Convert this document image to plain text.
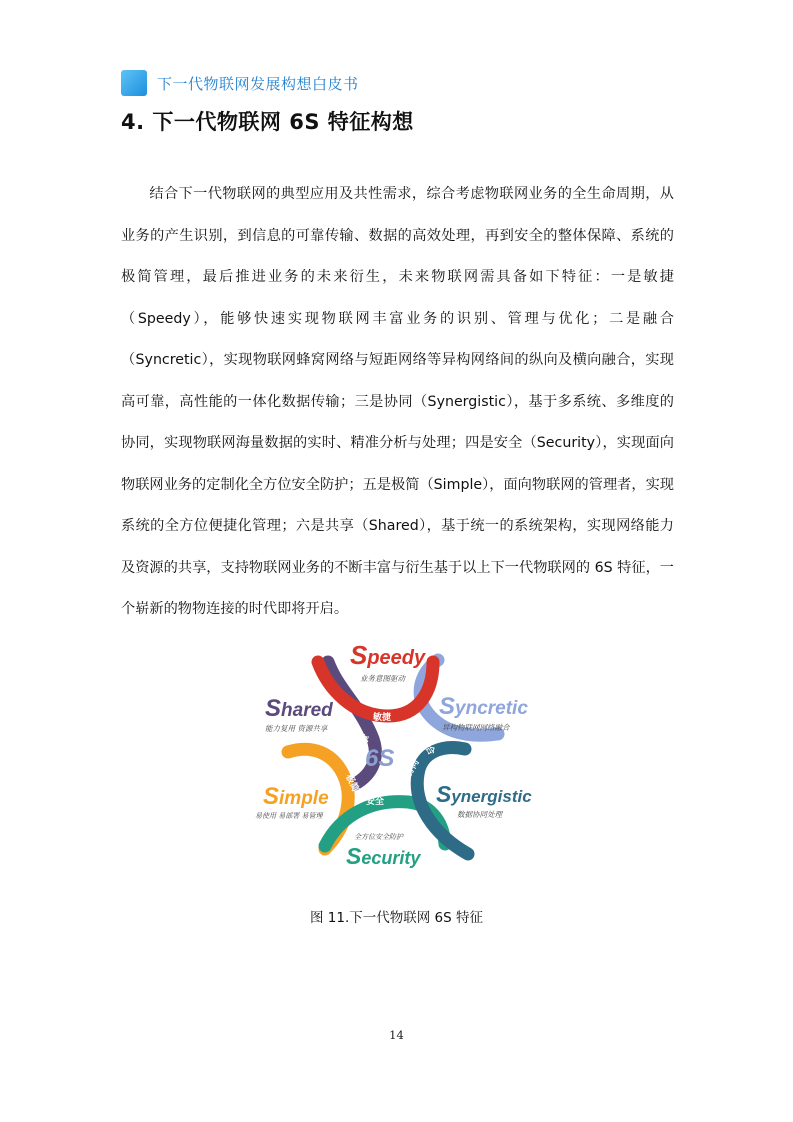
下一代物联网发展构想白皮书
4. 下一代物联网 6S 特征构想

结合下一代物联网的典型应用及共性需求，综合考虑物联网业务的全生命周期，从业务的产生识别，到信息的可靠传输、数据的高效处理，再到安全的整体保障、系统的极简管理，最后推进业务的未来衍生，未来物联网需具备如下特征：一是敏捷（Speedy），能够快速实现物联网丰富业务的识别、管理与优化；二是融合（Syncretic），实现物联网蜂窝网络与短距网络等异构网络间的纵向及横向融合，实现高可靠，高性能的一体化数据传输；三是协同（Synergistic），基于多系统、多维度的协同，实现物联网海量数据的实时、精准分析与处理；四是安全（Security），实现面向物联网业务的定制化全方位安全防护；五是极简（Simple），面向物联网的管理者，实现系统的全方位便捷化管理；六是共享（Shared），基于统一的系统架构，实现网络能力及资源的共享，支持物联网业务的不断丰富与衍生基于以上下一代物联网的 6S 特征，一个崭新的物物连接的时代即将开启。

敏捷
融合
协同
安全
极简
共享
6S
Speedy
业务意图驱动
Syncretic
异构物联网网络融合
Synergistic
数据协同处理
Security
全方位安全防护
Simple
易使用 易部署 易管理
Shared
能力复用 资源共享
图 11.下一代物联网 6S 特征
14
